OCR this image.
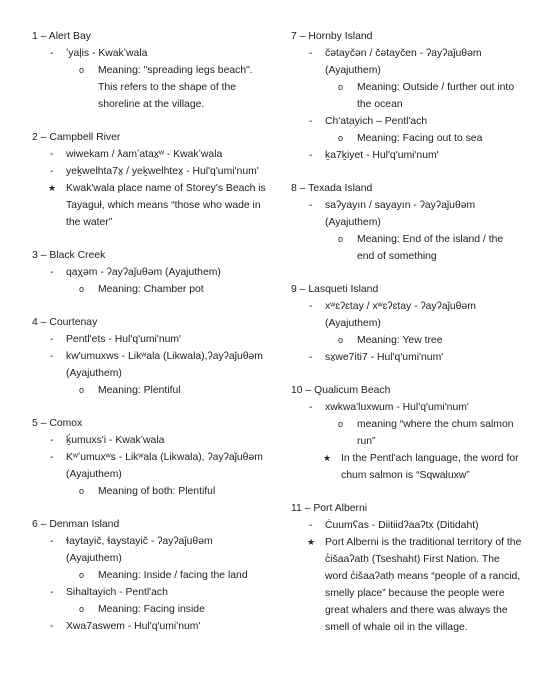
1 – Alert Bay
- ʼyaļis - Kwakʼwala
o Meaning: "spreading legs beach". This refers to the shape of the shoreline at the village.
2 – Campbell River
- wiwekam / ƛamʼatax̱ʷ - Kwakʼwala
- yeḵwelhta7x̱ / yeḵwelhtex̱ - Hul'q'umi'num'
★ Kwak'wala place name of Storey's Beach is Tayaguł, which means “those who wade in the water”
3 – Black Creek
- qaχəm - ʔayʔaǰuθəm (Ayajuthem)
o Meaning: Chamber pot
4 – Courtenay
- Pentl'ets - Hul'q'umi'num'
- kw'umuxws - Likʷala (Likwala),ʔayʔaǰuθəm (Ayajuthem)
o Meaning: Plentiful
5 – Comox
- ḵ́umuxs'i - Kwakʼwala
- Kʷʼumuxʷs - Likʷala (Likwala), ʔayʔaǰuθəm (Ayajuthem)
o Meaning of both: Plentiful
6 – Denman Island
- ɬaytayič, ɬaystayič - ʔayʔaǰuθəm (Ayajuthem)
o Meaning: Inside / facing the land
- Sihaltayich - Pentl'ach
o Meaning: Facing inside
- Xwa7aswem - Hul'q'umi'num'
7 – Hornby Island
- čətayčən / čətayčen - ʔayʔaǰuθəm (Ayajuthem)
o Meaning: Outside / further out into the ocean
- Ch'atayich – Pentl'ach
o Meaning: Facing out to sea
- ḵa7ḵiyet - Hul'q'umi'num'
8 – Texada Island
- saʔyayın / sayayın - ʔayʔaǰuθəm (Ayajuthem)
o Meaning: End of the island / the end of something
9 – Lasqueti Island
- xʷɛʔɛtay / xʷɛʔɛtay - ʔayʔaǰuθəm (Ayajuthem)
o Meaning: Yew tree
- sx̱we7iti7 - Hul'q'umi'num'
10 – Qualicum Beach
- xwkwa'luxwum - Hul'q'umi'num'
o meaning “where the chum salmon run”
★ In the Pentl'ach language, the word for chum salmon is “Sqwaluxw”
11 – Port Alberni
- Ċuumʕas - Diitiidʔaaʔtx̣ (Ditidaht)
★ Port Alberni is the traditional territory of the c̓išaaʔatḥ (Tseshaht) First Nation. The word c̓išaaʔatḥ means “people of a rancid, smelly place” because the people were great whalers and there was always the smell of whale oil in the village.
